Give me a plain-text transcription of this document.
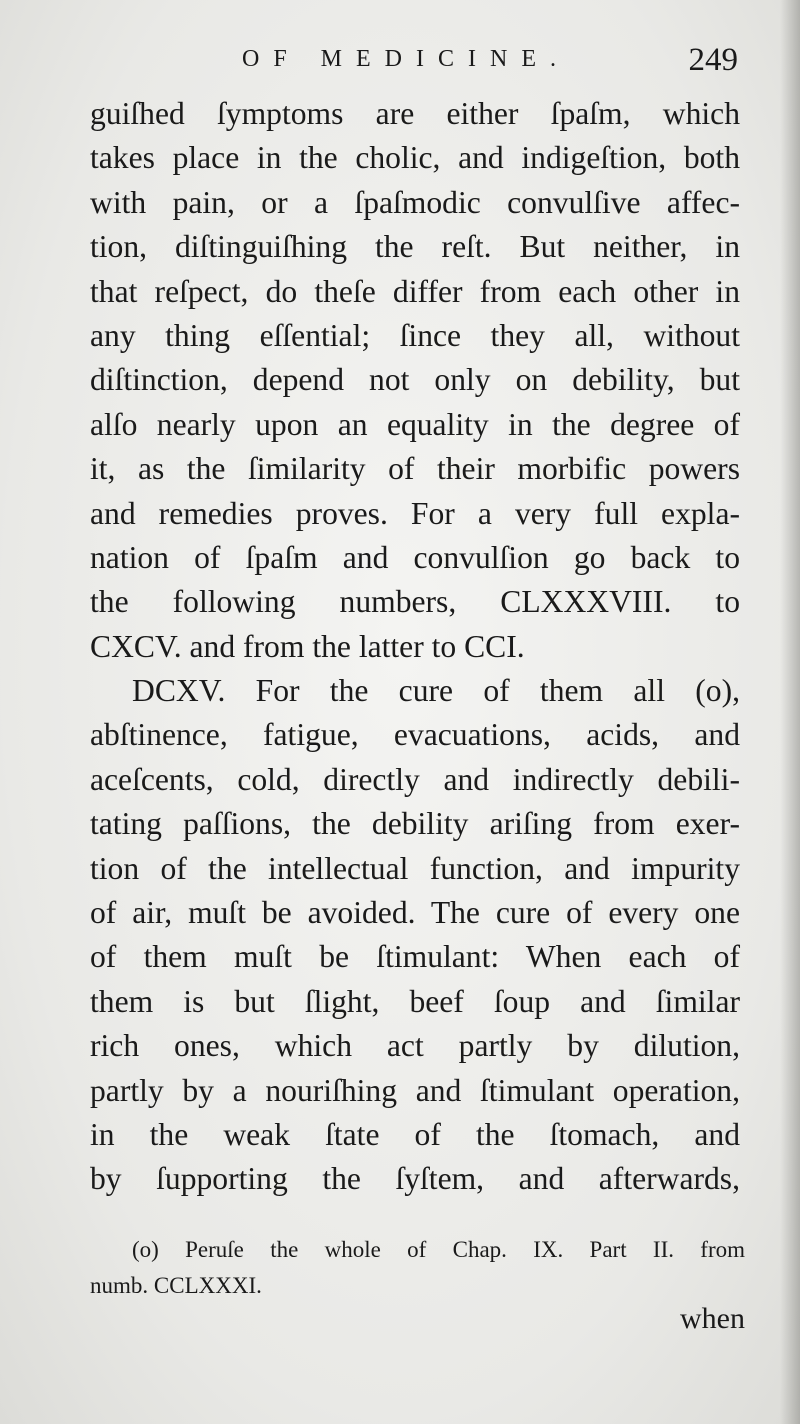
OF MEDICINE.	249
guiſhed ſymptoms are either ſpaſm, which
takes place in the cholic, and indigeſtion, both
with pain, or a ſpaſmodic convulſive affec-
tion, diſtinguiſhing the reſt. But neither, in
that reſpect, do theſe differ from each other in
any thing eſſential; ſince they all, without
diſtinction, depend not only on debility, but
alſo nearly upon an equality in the degree of
it, as the ſimilarity of their morbific powers
and remedies proves. For a very full expla-
nation of ſpaſm and convulſion go back to
the following numbers, CLXXXVIII. to
CXCV. and from the latter to CCI.
DCXV. For the cure of them all (o),
abſtinence, fatigue, evacuations, acids, and
aceſcents, cold, directly and indirectly debili-
tating paſſions, the debility ariſing from exer-
tion of the intellectual function, and impurity
of air, muſt be avoided. The cure of every one
of them muſt be ſtimulant: When each of
them is but ſlight, beef ſoup and ſimilar
rich ones, which act partly by dilution,
partly by a nouriſhing and ſtimulant operation,
in the weak ſtate of the ſtomach, and
by ſupporting the ſyſtem, and afterwards,
(o) Peruſe the whole of Chap. IX. Part II. from
numb. CCLXXXI.
when
